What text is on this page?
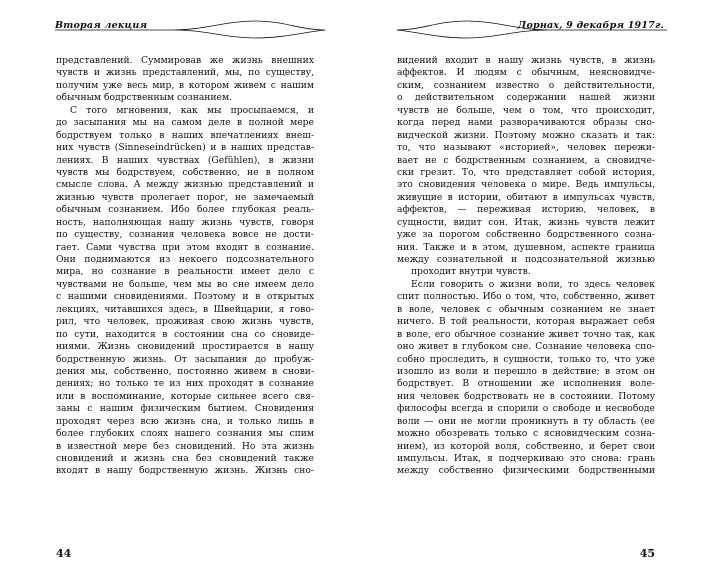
Вторая лекция
представлений. Суммировав же жизнь внешних
чувств и жизнь представлений, мы, по существу,
получим уже весь мир, в котором живем с нашим
обычным бодрственным сознанием.
С того мгновения, как мы просыпаемся, и
до засыпания мы на самом деле в полной мере
бодрствуем только в наших впечатлениях внеш-
них чувств (Sinneseindrücken) и в наших представ-
лениях. В наших чувствах (Gefühlen), в жизни
чувств мы бодрствуем, собственно, не в полном
смысле слова. А между жизнью представлений и
жизнью чувств пролегает порог, не замечаемый
обычным сознанием. Ибо более глубокая реаль-
ность, наполняющая нашу жизнь чувств, говоря
по существу, сознания человека вовсе не дости-
гает. Сами чувства при этом входят в сознание.
Они поднимаются из некоего подсознательного
мира, но сознание в реальности имеет дело с
чувствами не больше, чем мы во сне имеем дело
с нашими сновидениями. Поэтому и в открытых
лекциях, читавшихся здесь, в Швейцарии, я гово-
рил, что человек, проживая свою жизнь чувств,
по сути, находится в состоянии сна со сновиде-
ниями. Жизнь сновидений простирается в нашу
бодрственную жизнь. От засыпания до пробуж-
дения мы, собственно, постоянно живем в снови-
дениях; но только те из них проходят в сознание
или в воспоминание, которые сильнее всего свя-
заны с нашим физическим бытием. Сновидения
проходят через всю жизнь сна, и только лишь в
более глубоких слоях нашего сознания мы спим
в известной мере без сновидений. Но эта жизнь
сновидений и жизнь сна без сновидений также
входят в нашу бодрственную жизнь. Жизнь сно-
44
Дорнах, 9 декабря 1917г.
видений входит в нашу жизнь чувств, в жизнь
аффектов. И людям с обычным, неясновидче-
ским, сознанием известно о действительности,
о действительном содержании нашей жизни
чувств не больше, чем о том, что происходит,
когда перед нами разворачиваются образы сно-
видческой жизни. Поэтому можно сказать и так:
то, что называют «историей», человек пережи-
вает не с бодрственным сознанием, а сновидче-
ски грезит. То, что представляет собой история,
это сновидения человека о мире. Ведь импульсы,
живущие в истории, обитают в импульсах чувств,
аффектов, — переживая историю, человек, в
сущности, видит сон. Итак, жизнь чувств лежит
уже за порогом собственно бодрственного созна-
ния. Также и в этом, душевном, аспекте граница
между сознательной и подсознательной жизнью
проходит внутри чувств.
Если говорить о жизни воли, то здесь человек
спит полностью. Ибо о том, что, собственно, живет
в воле, человек с обычным сознанием не знает
ничего. В той реальности, которая выражает себя
в воле, его обычное сознание живет точно так, как
оно живет в глубоком сне. Сознание человека спо-
собно проследить, в сущности, только то, что уже
изошло из воли и перешло в действие; в этом он
бодрствует. В отношении же исполнения воле-
ния человек бодрствовать не в состоянии. Потому
философы всегда и спорили о свободе и несвободе
воли — они не могли проникнуть в ту область (ее
можно обозревать только с ясновидческим созна-
нием), из которой воля, собственно, и берет свои
импульсы. Итак, я подчеркиваю это снова: грань
между собственно физическими бодрственными
45
